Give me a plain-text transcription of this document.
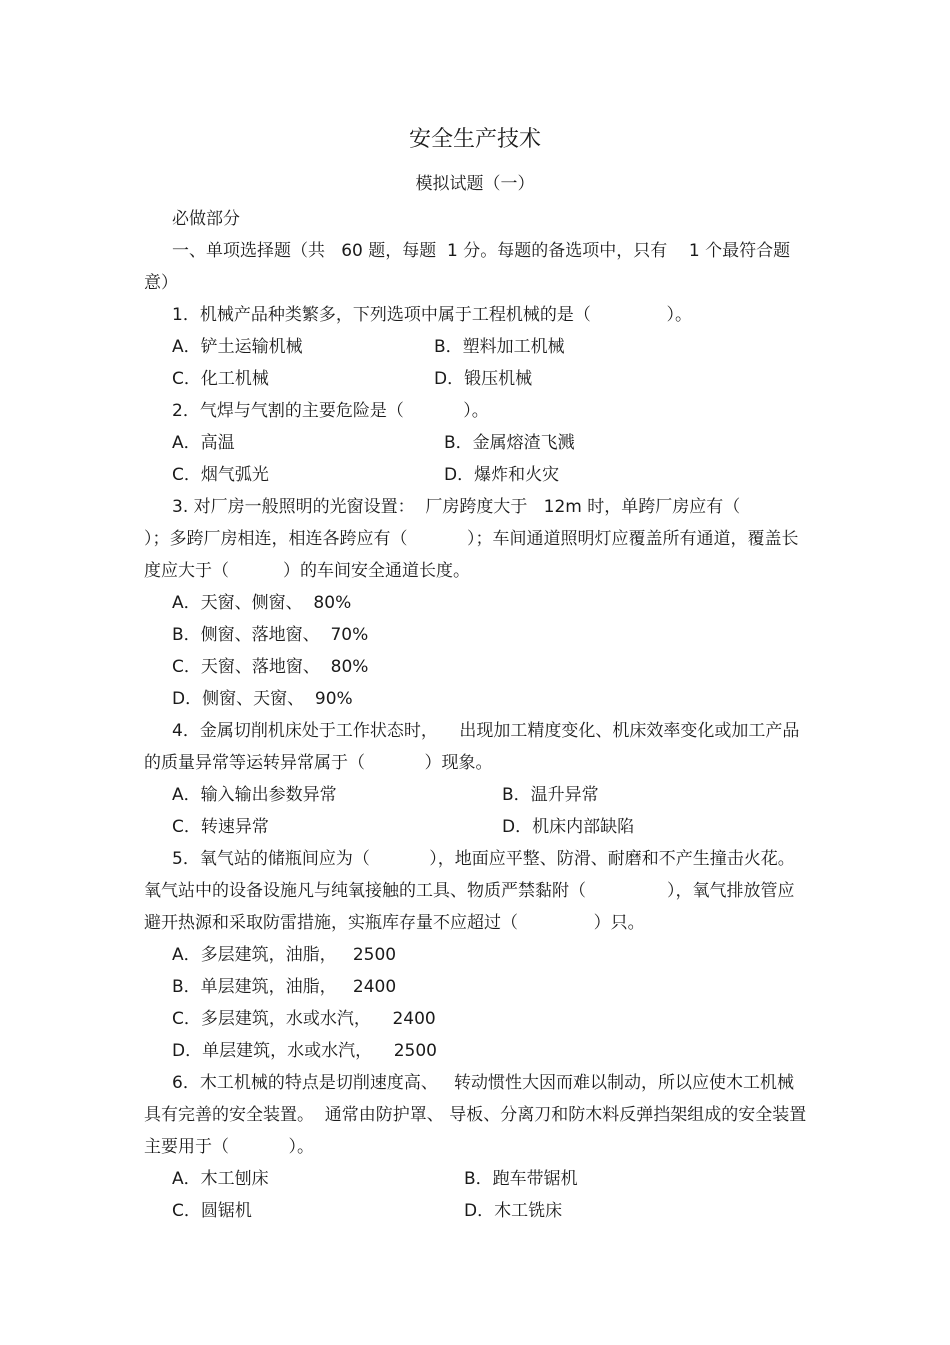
安全生产技术
模拟试题（一）

必做部分

一、单项选择题（共   60 题，每题  1 分。每题的备选项中，只有    1 个最符合题意）

1．机械产品种类繁多，下列选项中属于工程机械的是（              ）。

A．铲土运输机械	B．塑料加工机械
C．化工机械	D．锻压机械

2．气焊与气割的主要危险是（           ）。

A．高温	B．金属熔渣飞溅
C．烟气弧光	D．爆炸和火灾

3. 对厂房一般照明的光窗设置：  厂房跨度大于   12m 时，单跨厂房应有（        ）；多跨厂房相连，相连各跨应有（           ）；车间通道照明灯应覆盖所有通道，覆盖长度应大于（          ）的车间安全通道长度。

A．天窗、侧窗、  80%
B．侧窗、落地窗、  70%
C．天窗、落地窗、  80%
D．侧窗、天窗、  90%

4．金属切削机床处于工作状态时，    出现加工精度变化、机床效率变化或加工产品的质量异常等运转异常属于（           ）现象。

A．输入输出参数异常	B．温升异常
C．转速异常	D．机床内部缺陷

5．氧气站的储瓶间应为（           ），地面应平整、防滑、耐磨和不产生撞击火花。氧气站中的设备设施凡与纯氧接触的工具、物质严禁黏附（               ），氧气排放管应避开热源和采取防雷措施，实瓶库存量不应超过（              ）只。

A．多层建筑，油脂，   2500
B．单层建筑，油脂，   2400
C．多层建筑，水或水汽，    2400
D．单层建筑，水或水汽，    2500

6．木工机械的特点是切削速度高、   转动惯性大因而难以制动，所以应使木工机械具有完善的安全装置。  通常由防护罩、 导板、分离刀和防木料反弹挡架组成的安全装置主要用于（           ）。

A．木工刨床	B．跑车带锯机
C．圆锯机	D．木工铣床
